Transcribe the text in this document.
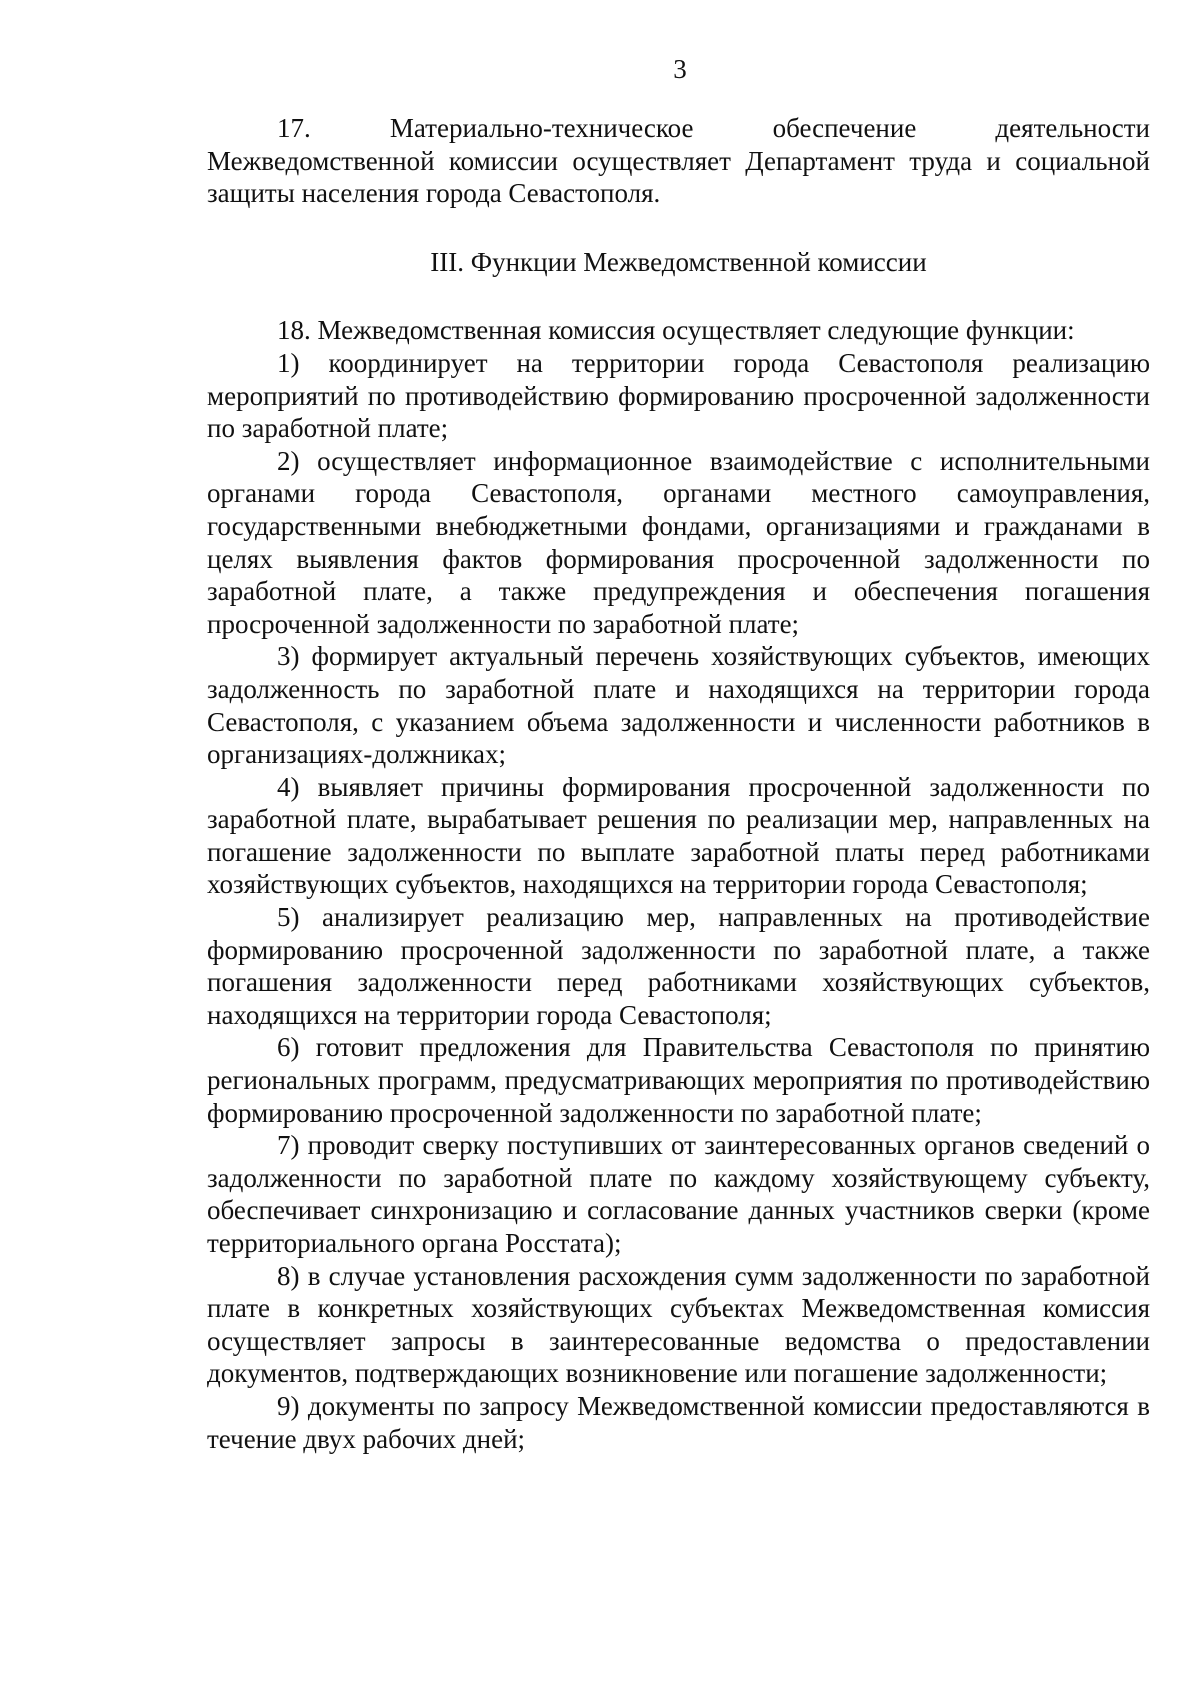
3

17. Материально-техническое обеспечение деятельности Межведомственной комиссии осуществляет Департамент труда и социальной защиты населения города Севастополя.

III. Функции Межведомственной комиссии

18. Межведомственная комиссия осуществляет следующие функции:

1) координирует на территории города Севастополя реализацию мероприятий по противодействию формированию просроченной задолженности по заработной плате;

2) осуществляет информационное взаимодействие с исполнительными органами города Севастополя, органами местного самоуправления, государственными внебюджетными фондами, организациями и гражданами в целях выявления фактов формирования просроченной задолженности по заработной плате, а также предупреждения и обеспечения погашения просроченной задолженности по заработной плате;

3) формирует актуальный перечень хозяйствующих субъектов, имеющих задолженность по заработной плате и находящихся на территории города Севастополя, с указанием объема задолженности и численности работников в организациях-должниках;

4) выявляет причины формирования просроченной задолженности по заработной плате, вырабатывает решения по реализации мер, направленных на погашение задолженности по выплате заработной платы перед работниками хозяйствующих субъектов, находящихся на территории города Севастополя;

5) анализирует реализацию мер, направленных на противодействие формированию просроченной задолженности по заработной плате, а также погашения задолженности перед работниками хозяйствующих субъектов, находящихся на территории города Севастополя;

6) готовит предложения для Правительства Севастополя по принятию региональных программ, предусматривающих мероприятия по противодействию формированию просроченной задолженности по заработной плате;

7) проводит сверку поступивших от заинтересованных органов сведений о задолженности по заработной плате по каждому хозяйствующему субъекту, обеспечивает синхронизацию и согласование данных участников сверки (кроме территориального органа Росстата);

8) в случае установления расхождения сумм задолженности по заработной плате в конкретных хозяйствующих субъектах Межведомственная комиссия осуществляет запросы в заинтересованные ведомства о предоставлении документов, подтверждающих возникновение или погашение задолженности;

9) документы по запросу Межведомственной комиссии предоставляются в течение двух рабочих дней;
